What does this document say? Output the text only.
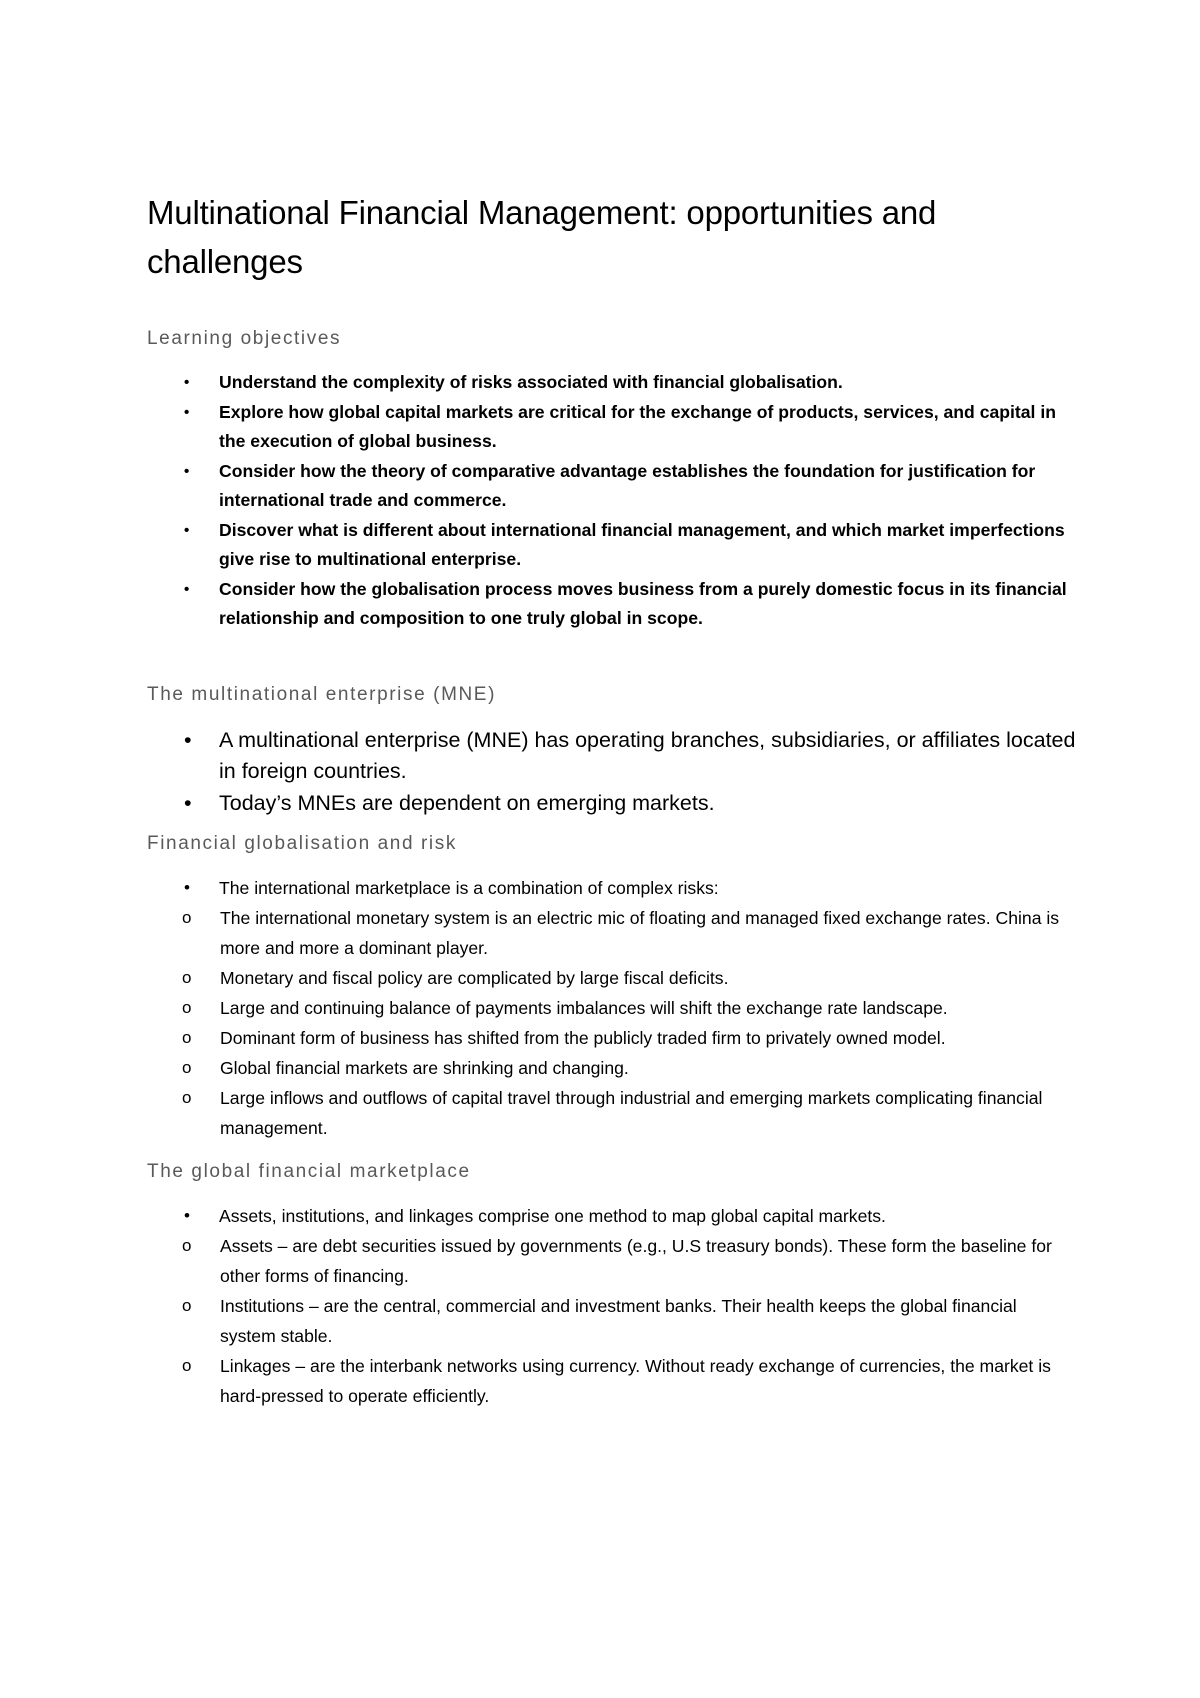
Multinational Financial Management: opportunities and challenges
Learning objectives
• Understand the complexity of risks associated with financial globalisation.
• Explore how global capital markets are critical for the exchange of products, services, and capital in the execution of global business.
• Consider how the theory of comparative advantage establishes the foundation for justification for international trade and commerce.
• Discover what is different about international financial management, and which market imperfections give rise to multinational enterprise.
• Consider how the globalisation process moves business from a purely domestic focus in its financial relationship and composition to one truly global in scope.
The multinational enterprise (MNE)
• A multinational enterprise (MNE) has operating branches, subsidiaries, or affiliates located in foreign countries.
• Today’s MNEs are dependent on emerging markets.
Financial globalisation and risk
• The international marketplace is a combination of complex risks:
o The international monetary system is an electric mic of floating and managed fixed exchange rates. China is more and more a dominant player.
o Monetary and fiscal policy are complicated by large fiscal deficits.
o Large and continuing balance of payments imbalances will shift the exchange rate landscape.
o Dominant form of business has shifted from the publicly traded firm to privately owned model.
o Global financial markets are shrinking and changing.
o Large inflows and outflows of capital travel through industrial and emerging markets complicating financial management.
The global financial marketplace
• Assets, institutions, and linkages comprise one method to map global capital markets.
o Assets – are debt securities issued by governments (e.g., U.S treasury bonds). These form the baseline for other forms of financing.
o Institutions – are the central, commercial and investment banks. Their health keeps the global financial system stable.
o Linkages – are the interbank networks using currency. Without ready exchange of currencies, the market is hard-pressed to operate efficiently.
